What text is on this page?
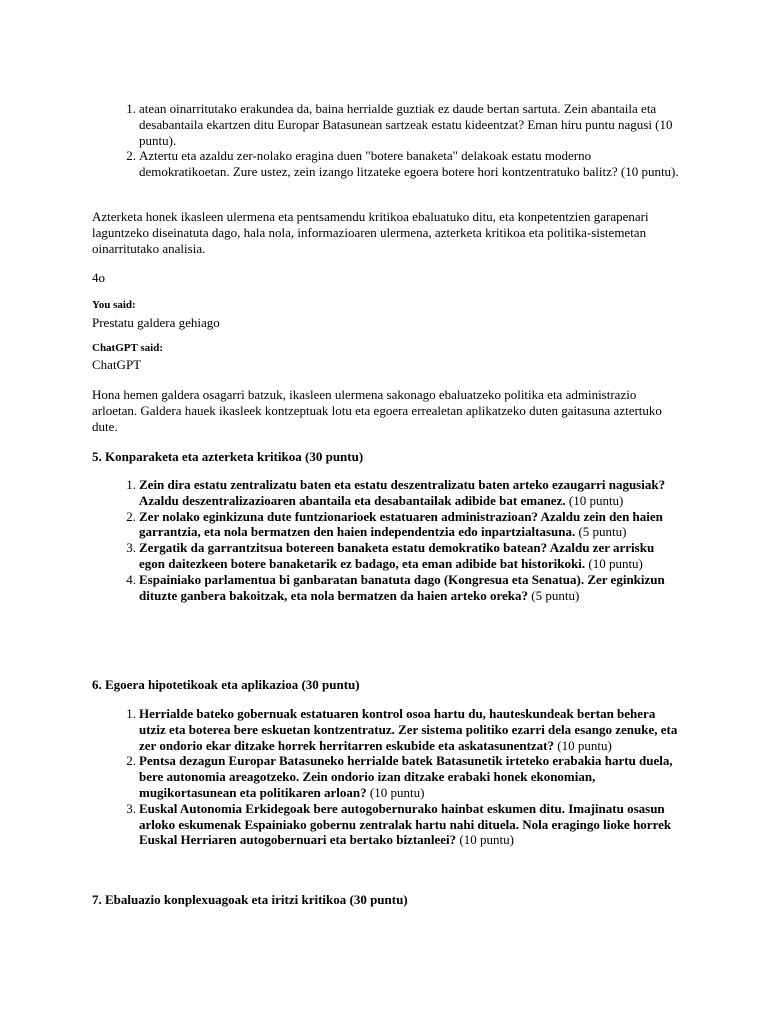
1. atean oinarritutako erakundea da, baina herrialde guztiak ez daude bertan sartuta. Zein abantaila eta desabantaila ekartzen ditu Europar Batasunean sartzeak estatu kideentzat? Eman hiru puntu nagusi (10 puntu).
2. Aztertu eta azaldu zer-nolako eragina duen "botere banaketa" delakoak estatu moderno demokratikoetan. Zure ustez, zein izango litzateke egoera botere hori kontzentratuko balitz? (10 puntu).

Azterketa honek ikasleen ulermena eta pentsamendu kritikoa ebaluatuko ditu, eta konpetentzien garapenari laguntzeko diseinatuta dago, hala nola, informazioaren ulermena, azterketa kritikoa eta politika-sistemetan oinarritutako analisia.

4o

You said:

Prestatu galdera gehiago

ChatGPT said:

ChatGPT

Hona hemen galdera osagarri batzuk, ikasleen ulermena sakonago ebaluatzeko politika eta administrazio arloetan. Galdera hauek ikasleek kontzeptuak lotu eta egoera errealetan aplikatzeko duten gaitasuna aztertuko dute.

5. Konparaketa eta azterketa kritikoa (30 puntu)

1. Zein dira estatu zentralizatu baten eta estatu deszentralizatu baten arteko ezaugarri nagusiak? Azaldu deszentralizazioaren abantaila eta desabantailak adibide bat emanez. (10 puntu)
2. Zer nolako eginkizuna dute funtzionarioek estatuaren administrazioan? Azaldu zein den haien garrantzia, eta nola bermatzen den haien independentzia edo inpartzialtasuna. (5 puntu)
3. Zergatik da garrantzitsua botereen banaketa estatu demokratiko batean? Azaldu zer arrisku egon daitezkeen botere banaketarik ez badago, eta eman adibide bat historikoki. (10 puntu)
4. Espainiako parlamentua bi ganbaratan banatuta dago (Kongresua eta Senatua). Zer eginkizun dituzte ganbera bakoitzak, eta nola bermatzen da haien arteko oreka? (5 puntu)

6. Egoera hipotetikoak eta aplikazioa (30 puntu)

1. Herrialde bateko gobernuak estatuaren kontrol osoa hartu du, hauteskundeak bertan behera utziz eta boterea bere eskuetan kontzentratuz. Zer sistema politiko ezarri dela esango zenuke, eta zer ondorio ekar ditzake horrek herritarren eskubide eta askatasunentzat? (10 puntu)
2. Pentsa dezagun Europar Batasuneko herrialde batek Batasunetik irteteko erabakia hartu duela, bere autonomia areagotzeko. Zein ondorio izan ditzake erabaki honek ekonomian, mugikortasunean eta politikaren arloan? (10 puntu)
3. Euskal Autonomia Erkidegoak bere autogobernurako hainbat eskumen ditu. Imajinatu osasun arloko eskumenak Espainiako gobernu zentralak hartu nahi dituela. Nola eragingo lioke horrek Euskal Herriaren autogobernuari eta bertako biztanleei? (10 puntu)

7. Ebaluazio konplexuagoak eta iritzi kritikoa (30 puntu)
